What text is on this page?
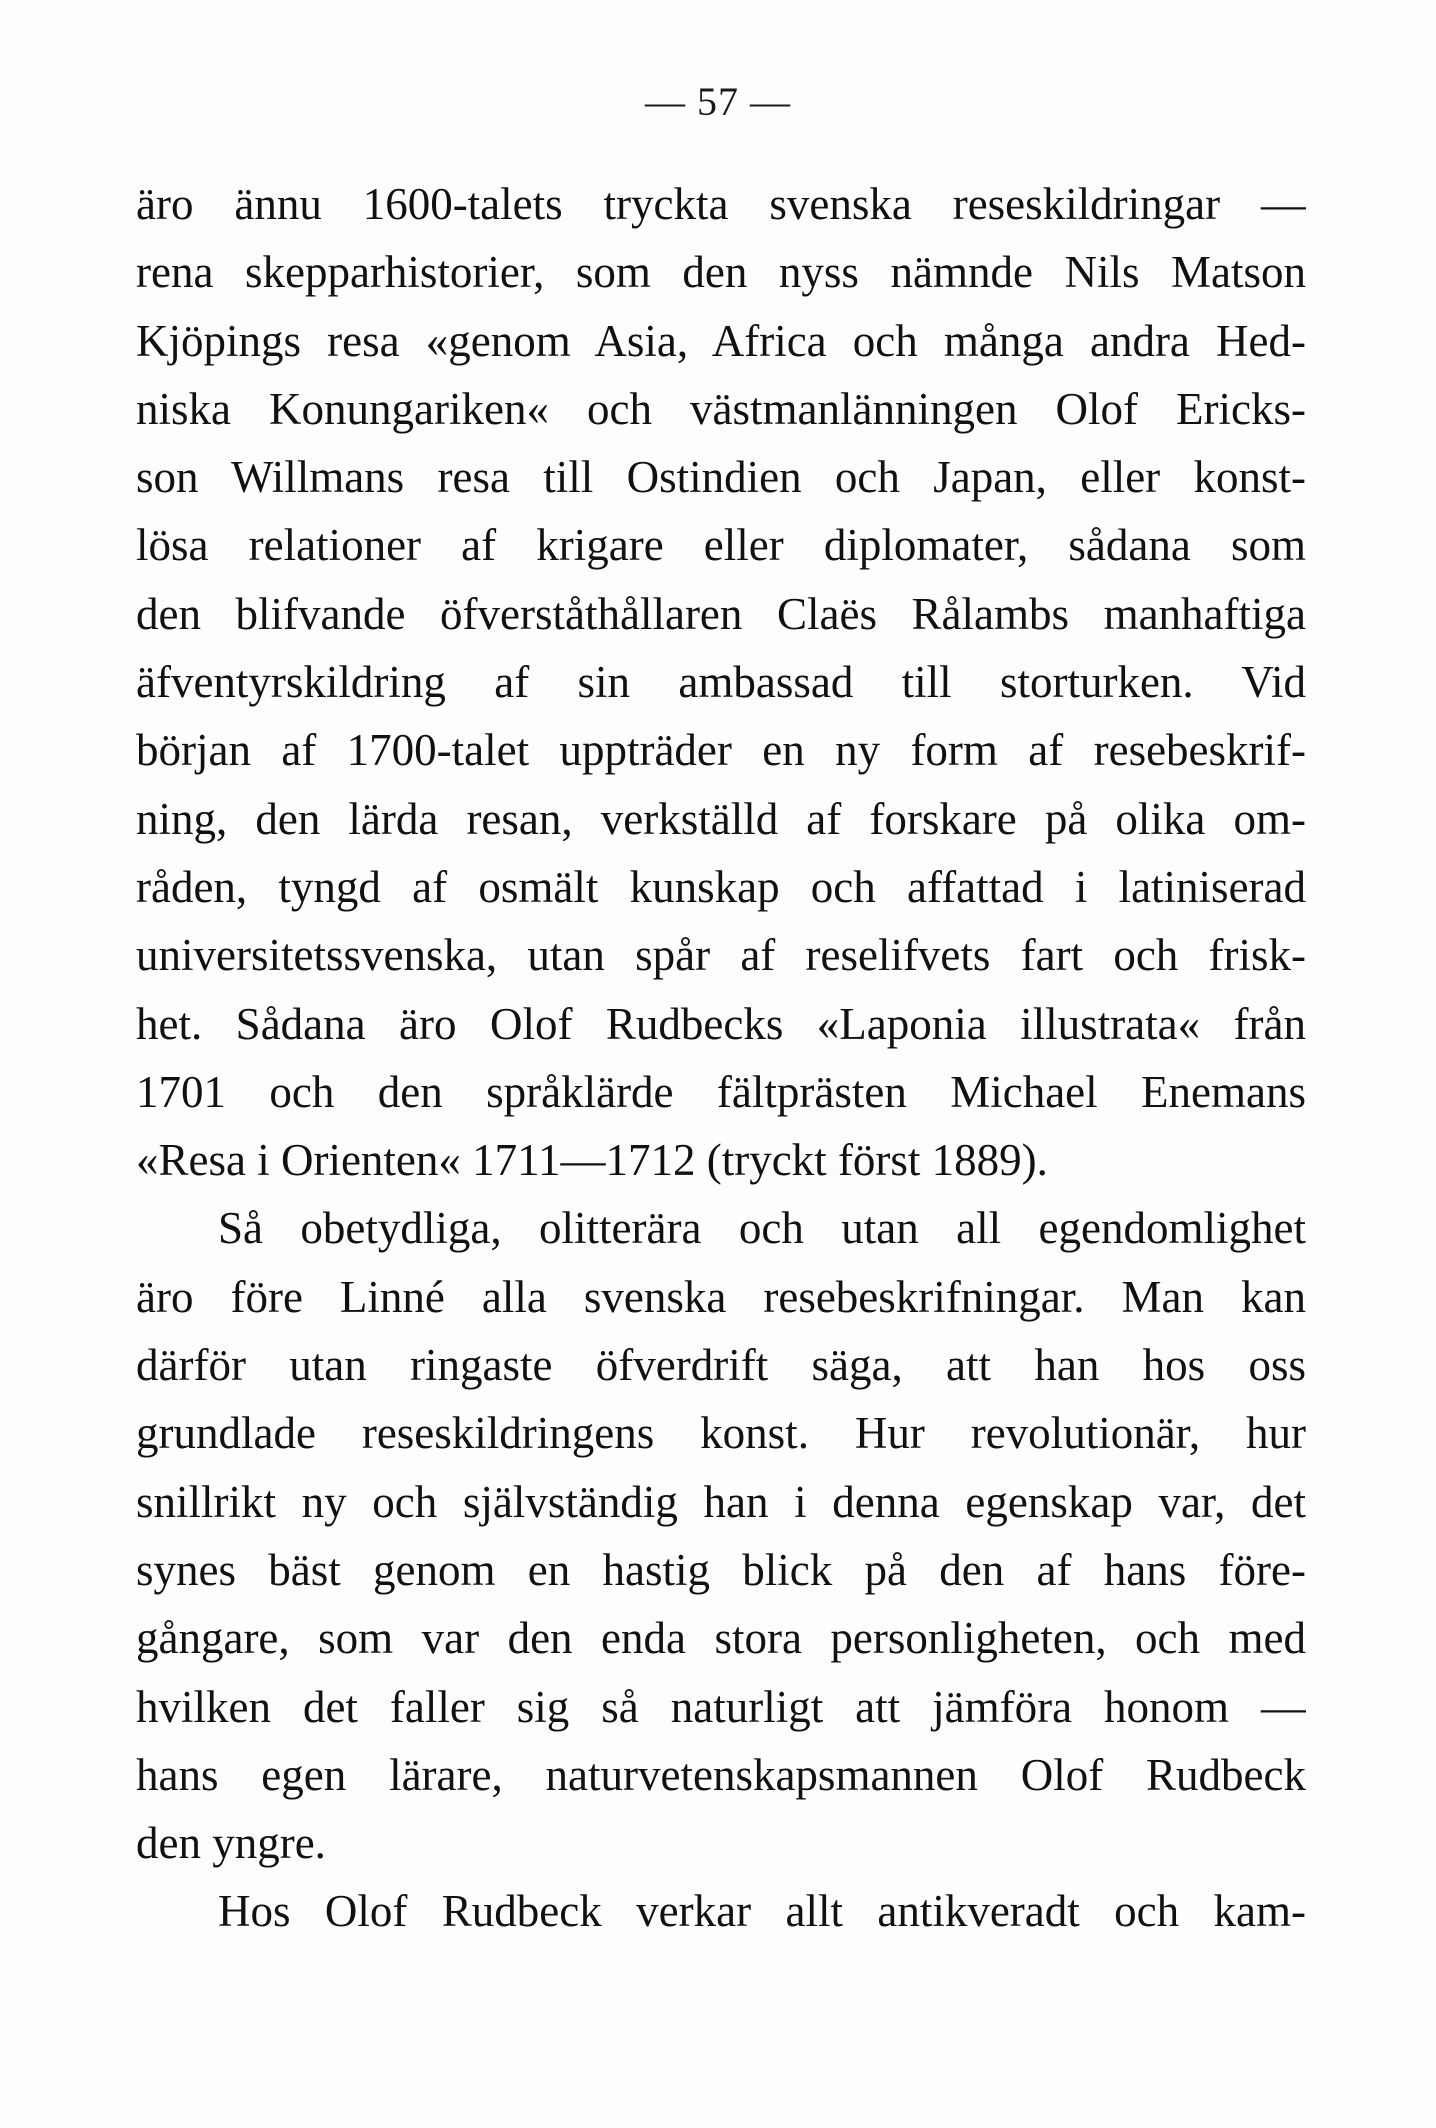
— 57 —
äro ännu 1600-talets tryckta svenska reseskildringar —
rena skepparhistorier, som den nyss nämnde Nils Matson
Kjöpings resa «genom Asia, Africa och många andra Hed-
niska Konungariken« och västmanlänningen Olof Ericks-
son Willmans resa till Ostindien och Japan, eller konst-
lösa relationer af krigare eller diplomater, sådana som
den blifvande öfverståthållaren Claës Rålambs manhaftiga
äfventyrskildring af sin ambassad till storturken. Vid
början af 1700-talet uppträder en ny form af resebeskrif-
ning, den lärda resan, verkställd af forskare på olika om-
råden, tyngd af osmält kunskap och affattad i latiniserad
universitetssvenska, utan spår af reselifvets fart och frisk-
het. Sådana äro Olof Rudbecks «Laponia illustrata« från
1701 och den språklärde fältprästen Michael Enemans
«Resa i Orienten« 1711—1712 (tryckt först 1889).
Så obetydliga, olitterära och utan all egendomlighet
äro före Linné alla svenska resebeskrifningar. Man kan
därför utan ringaste öfverdrift säga, att han hos oss
grundlade reseskildringens konst. Hur revolutionär, hur
snillrikt ny och självständig han i denna egenskap var, det
synes bäst genom en hastig blick på den af hans före-
gångare, som var den enda stora personligheten, och med
hvilken det faller sig så naturligt att jämföra honom —
hans egen lärare, naturvetenskapsmannen Olof Rudbeck
den yngre.
Hos Olof Rudbeck verkar allt antikveradt och kam-
